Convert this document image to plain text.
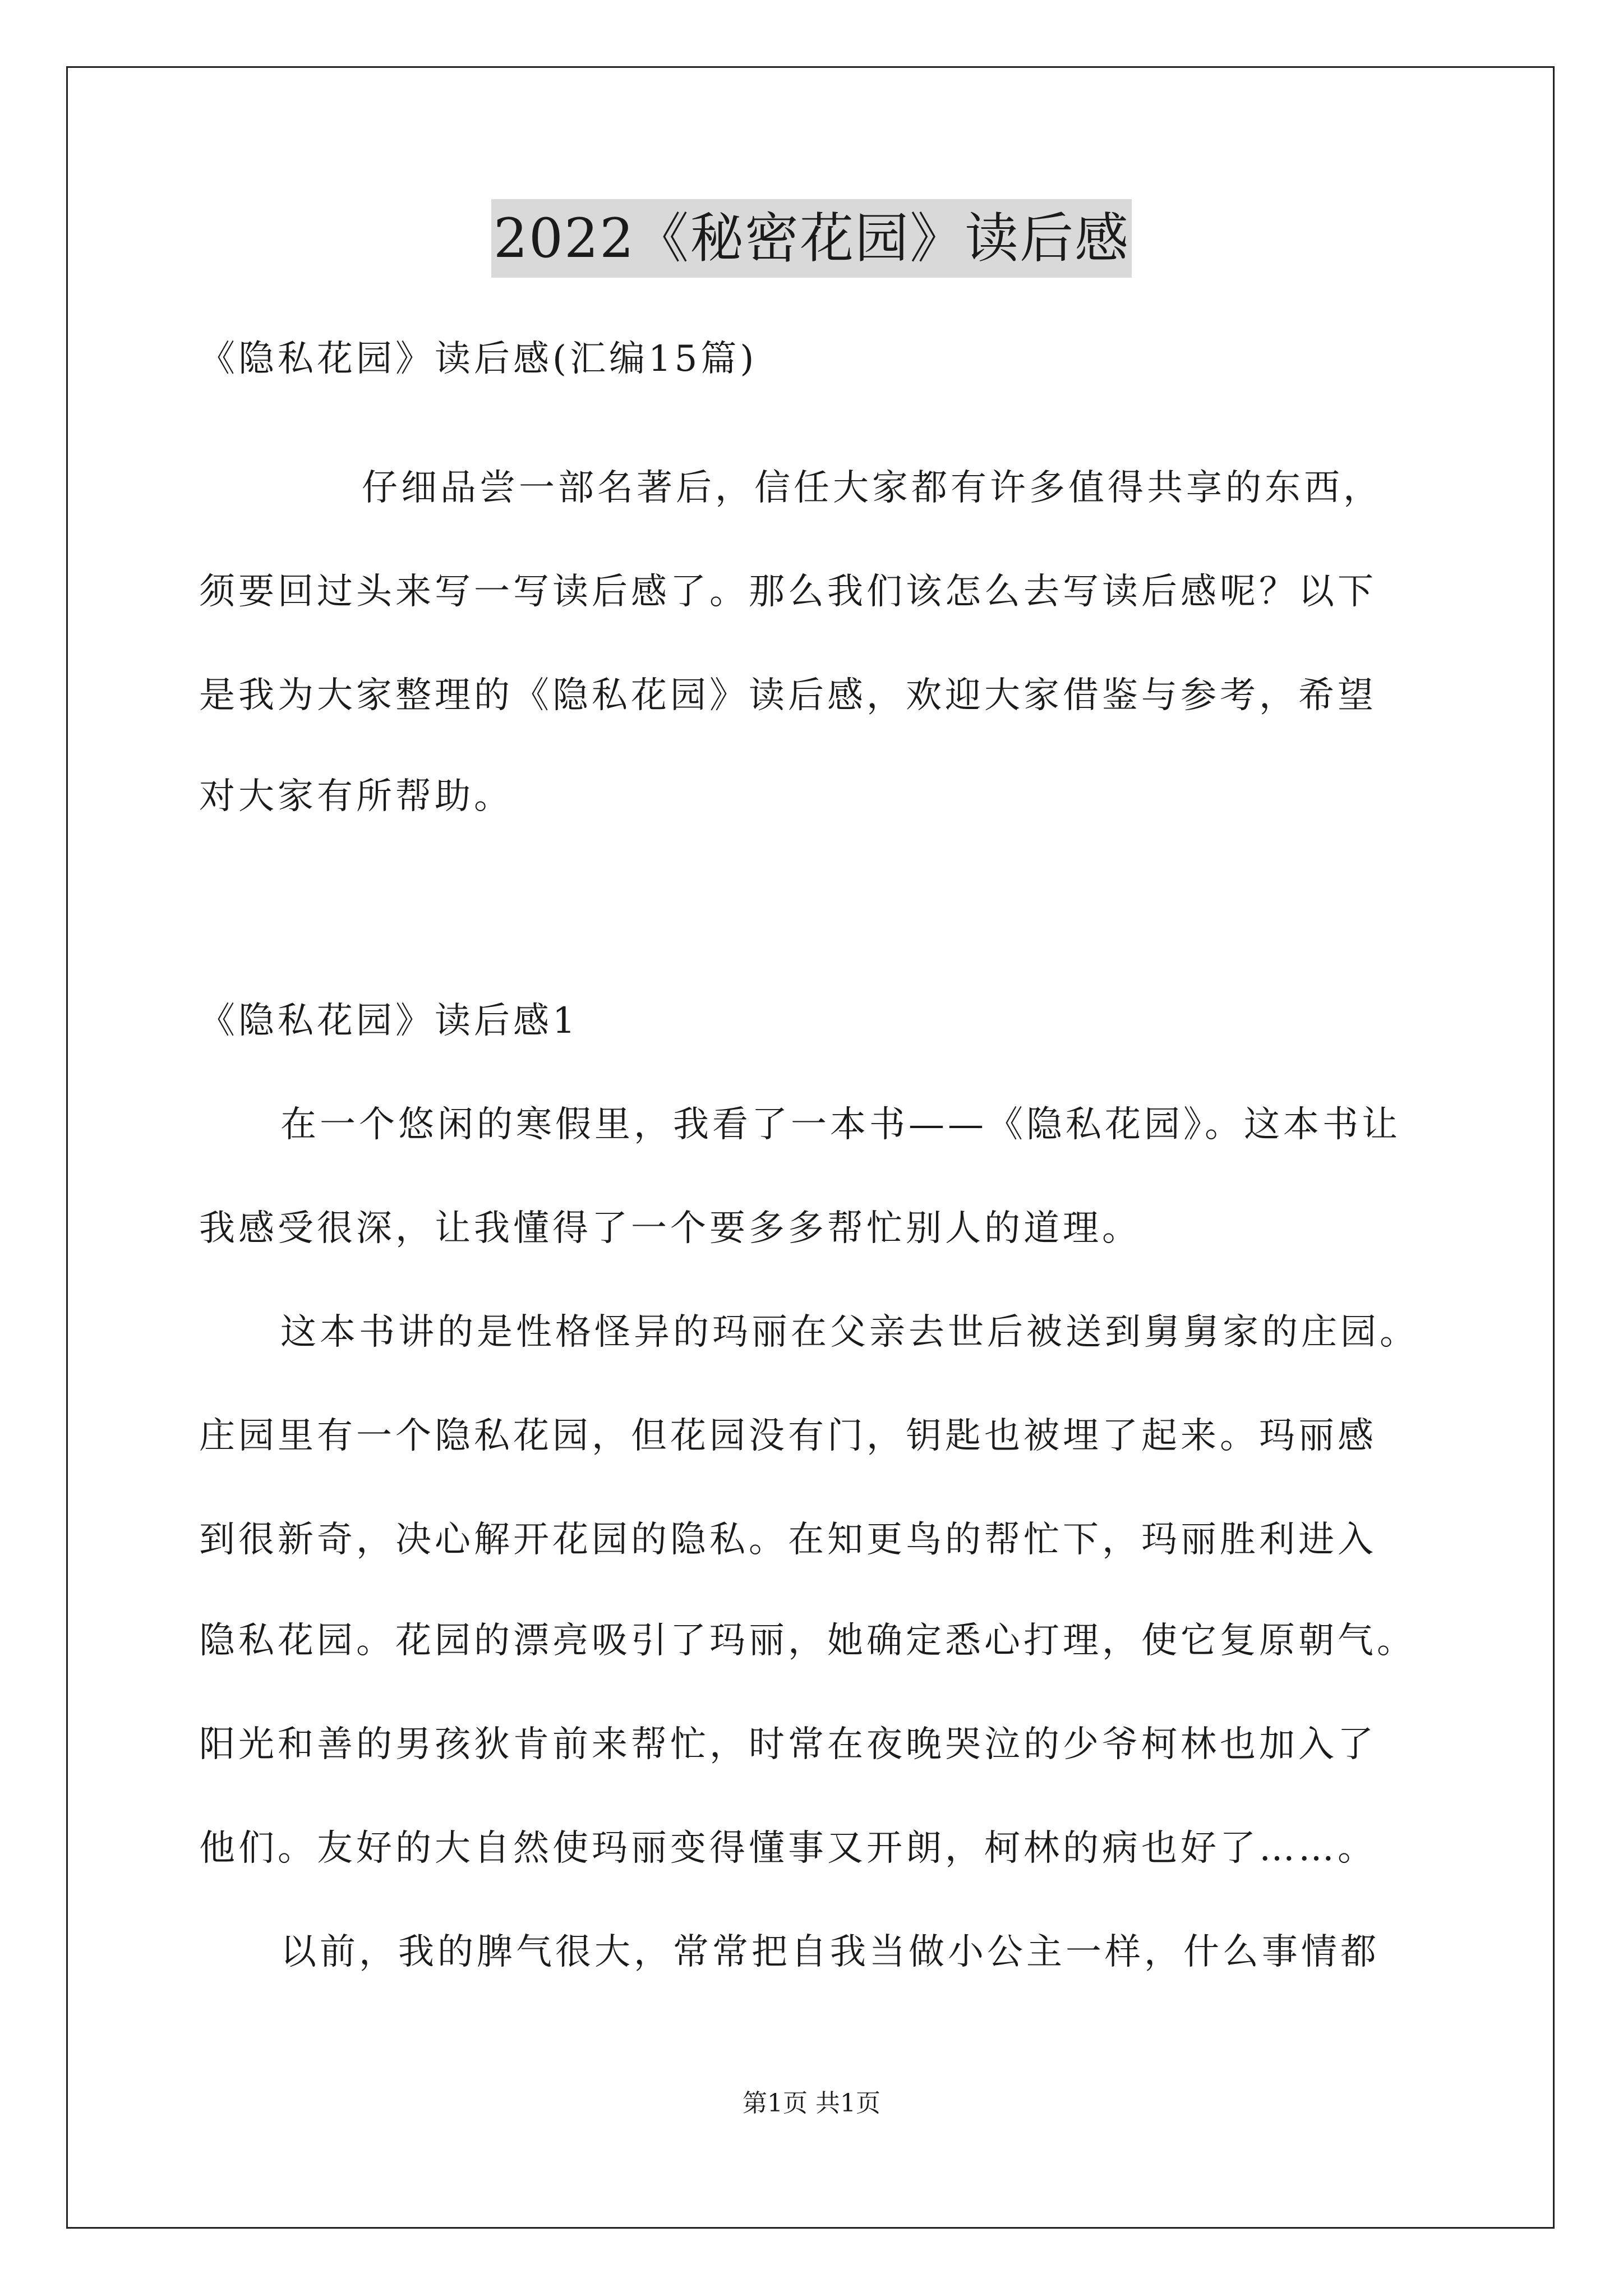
2022《秘密花园》读后感
《隐私花园》读后感(汇编15篇)
仔细品尝一部名著后，信任大家都有许多值得共享的东西，
须要回过头来写一写读后感了。那么我们该怎么去写读后感呢？以下
是我为大家整理的《隐私花园》读后感，欢迎大家借鉴与参考，希望
对大家有所帮助。
《隐私花园》读后感1
在一个悠闲的寒假里，我看了一本书——《隐私花园》。这本书让
我感受很深，让我懂得了一个要多多帮忙别人的道理。
这本书讲的是性格怪异的玛丽在父亲去世后被送到舅舅家的庄园。
庄园里有一个隐私花园，但花园没有门，钥匙也被埋了起来。玛丽感
到很新奇，决心解开花园的隐私。在知更鸟的帮忙下，玛丽胜利进入
隐私花园。花园的漂亮吸引了玛丽，她确定悉心打理，使它复原朝气。
阳光和善的男孩狄肯前来帮忙，时常在夜晚哭泣的少爷柯林也加入了
他们。友好的大自然使玛丽变得懂事又开朗，柯林的病也好了……。
以前，我的脾气很大，常常把自我当做小公主一样，什么事情都
第1页 共1页
